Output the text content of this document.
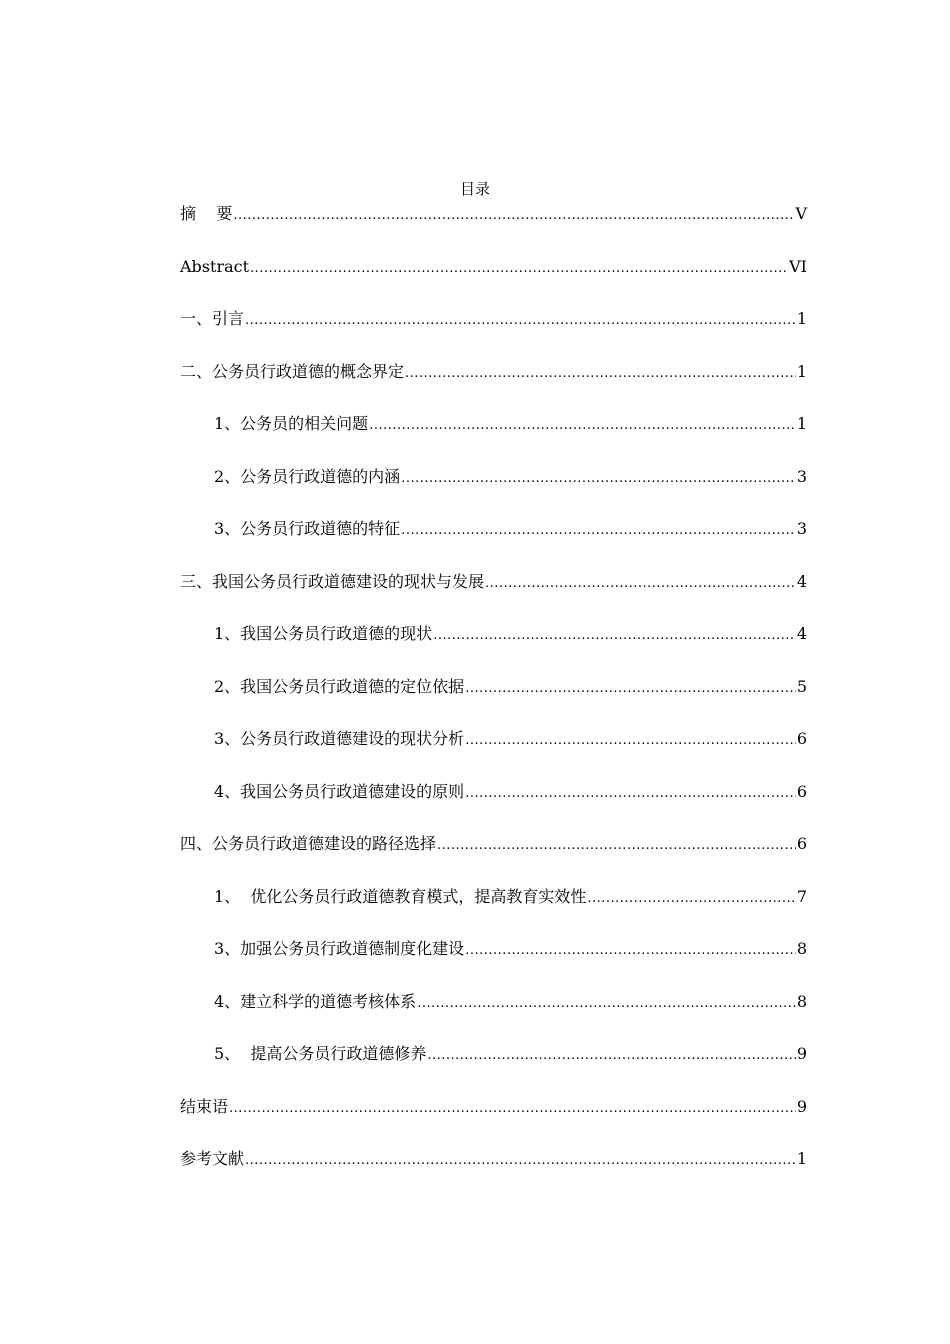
目录
摘    要 .....	V
Abstract .....	VI
一、引言 .....	1
二、公务员行政道德的概念界定 .....	1
1、公务员的相关问题 .....	1
2、公务员行政道德的内涵 .....	3
3、公务员行政道德的特征 .....	3
三、我国公务员行政道德建设的现状与发展 .....	4
1、我国公务员行政道德的现状 .....	4
2、我国公务员行政道德的定位依据 .....	5
3、公务员行政道德建设的现状分析 .....	6
4、我国公务员行政道德建设的原则 .....	6
四、公务员行政道德建设的路径选择 .....	6
1、  优化公务员行政道德教育模式，提高教育实效性 .....	7
3、加强公务员行政道德制度化建设 .....	8
4、建立科学的道德考核体系 .....	8
5、  提高公务员行政道德修养 .....	9
结束语 .....	9
参考文献 .....	1
